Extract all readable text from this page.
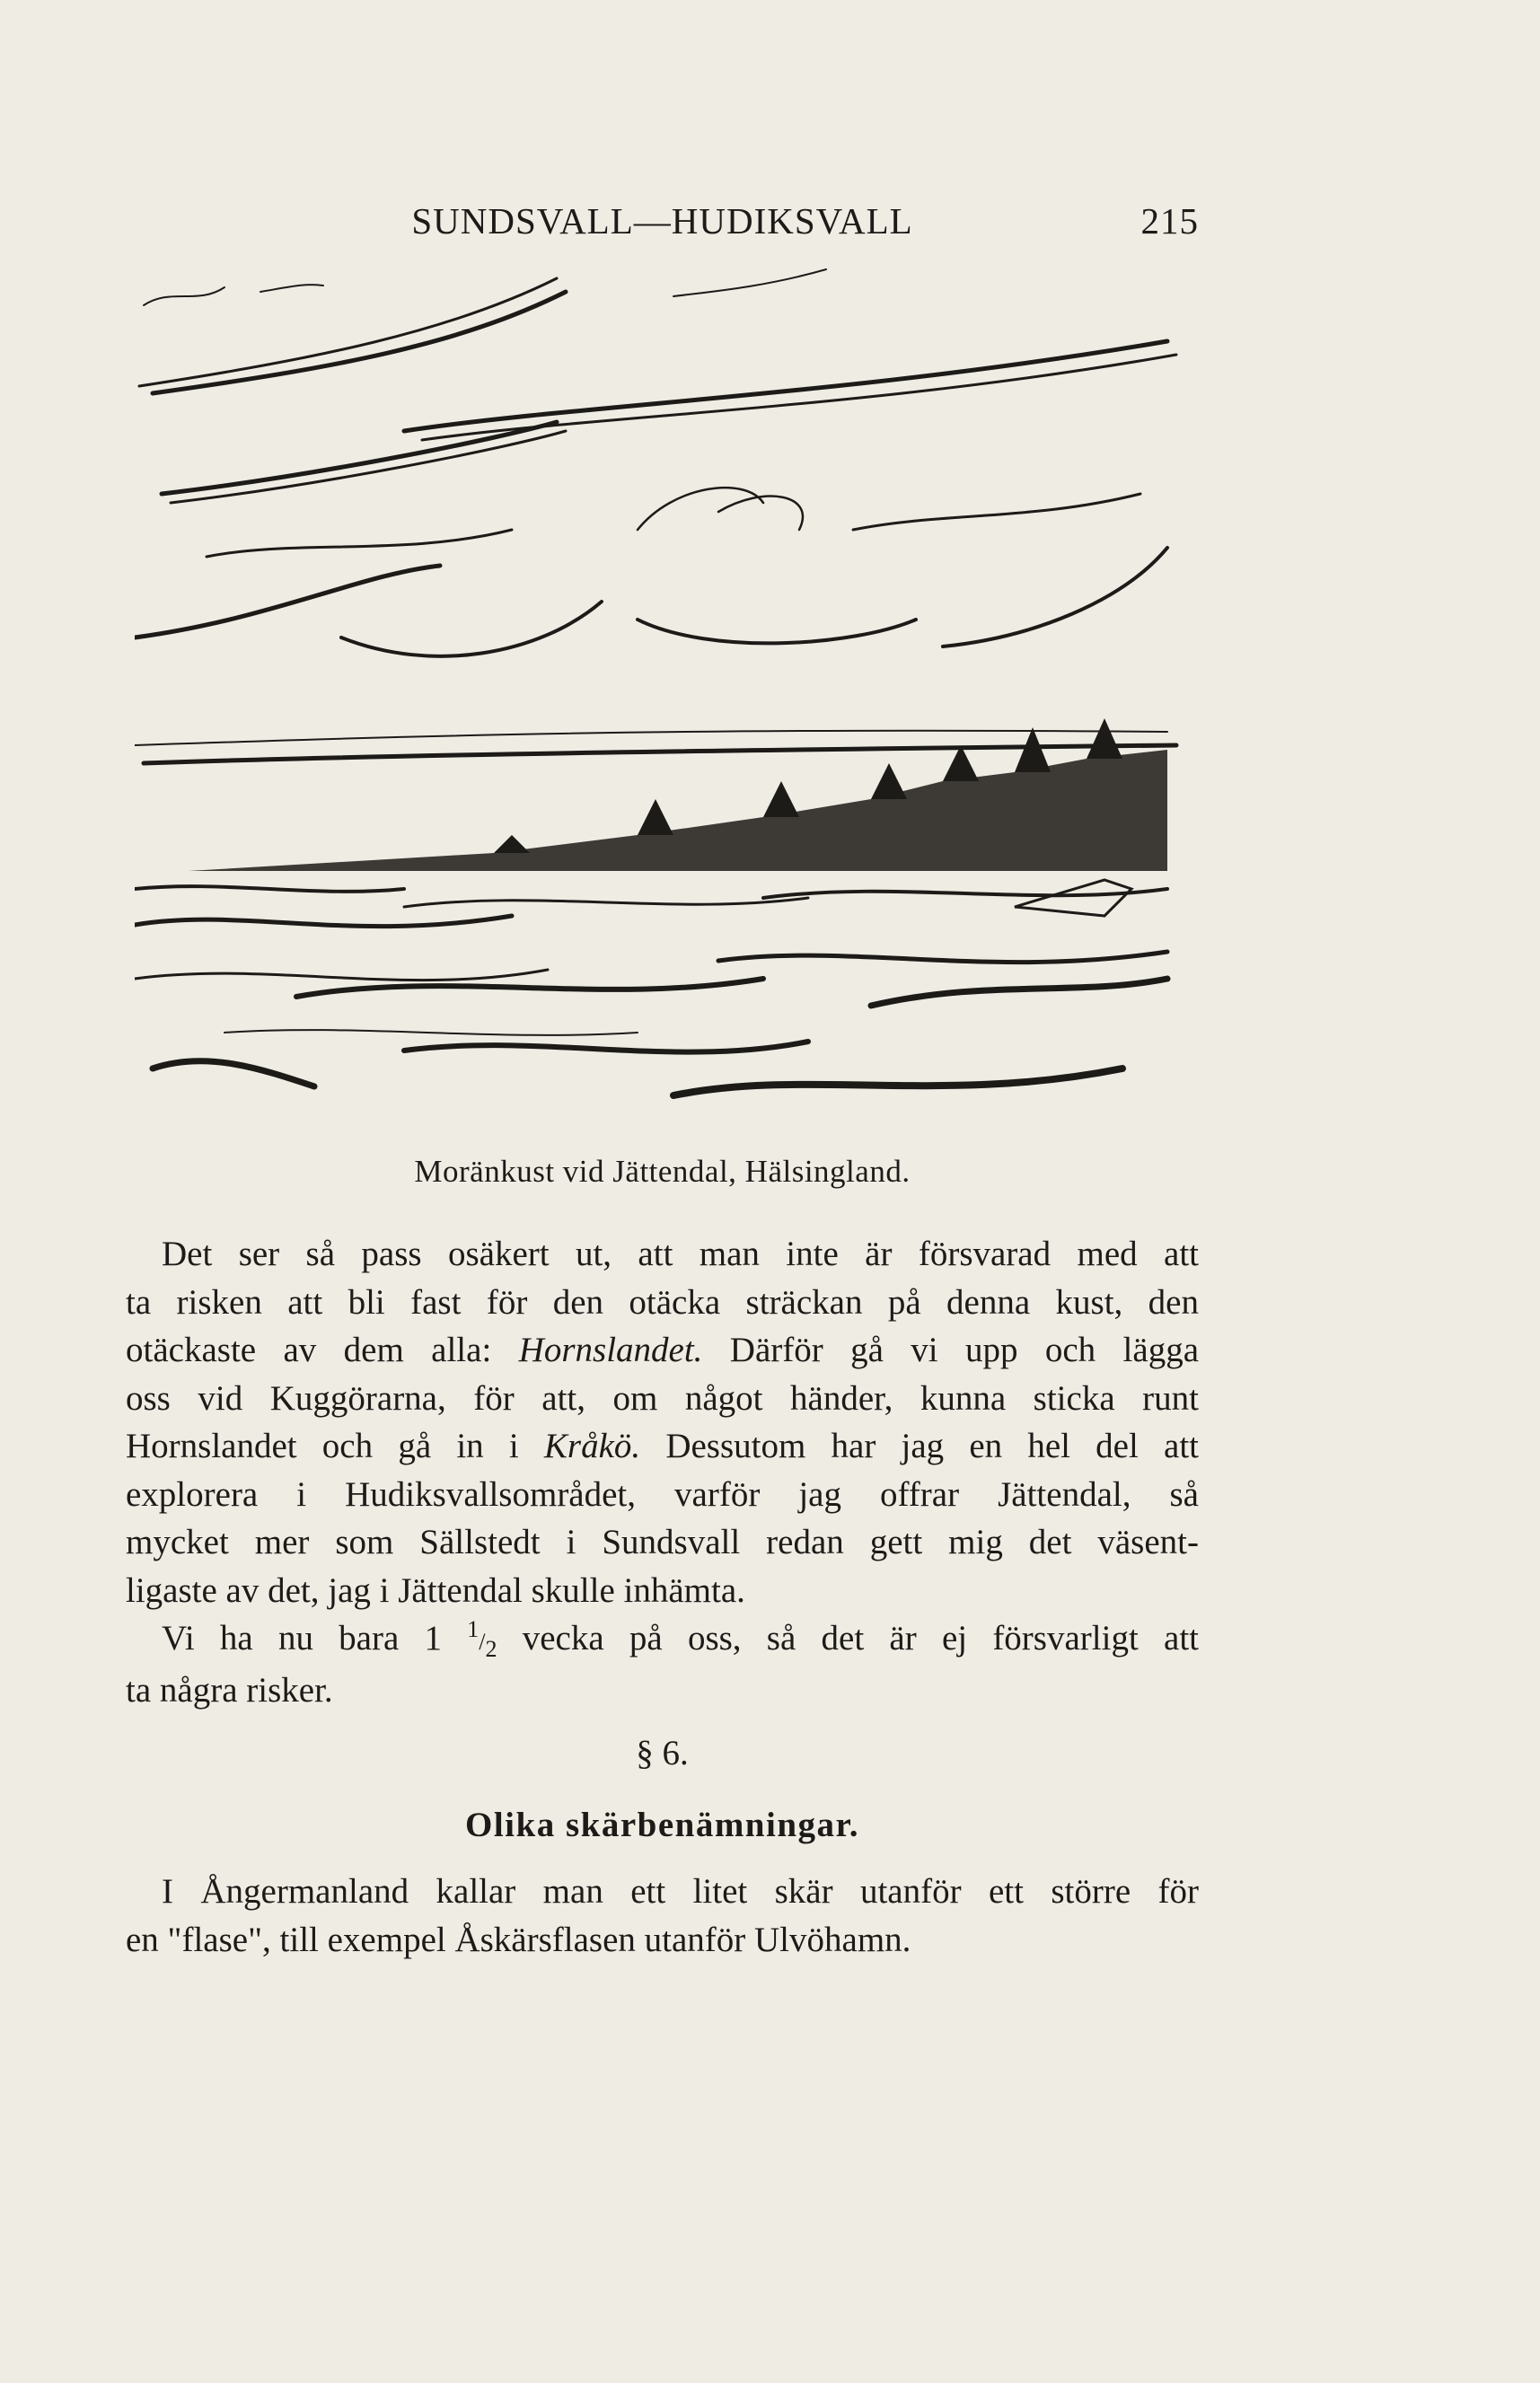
SUNDSVALL—HUDIKSVALL	215
Moränkust vid Jättendal, Hälsingland.
Det ser så pass osäkert ut, att man inte är försvarad med att
ta risken att bli fast för den otäcka sträckan på denna kust, den
otäckaste av dem alla: Hornslandet. Därför gå vi upp och lägga
oss vid Kuggörarna, för att, om något händer, kunna sticka runt
Hornslandet och gå in i Kråkö. Dessutom har jag en hel del att
explorera i Hudiksvallsområdet, varför jag offrar Jättendal, så
mycket mer som Sällstedt i Sundsvall redan gett mig det väsent-
ligaste av det, jag i Jättendal skulle inhämta.
Vi ha nu bara 1 1/2 vecka på oss, så det är ej försvarligt att
ta några risker.
§ 6.
Olika skärbenämningar.
I Ångermanland kallar man ett litet skär utanför ett större för
en "flase", till exempel Åskärsflasen utanför Ulvöhamn.
